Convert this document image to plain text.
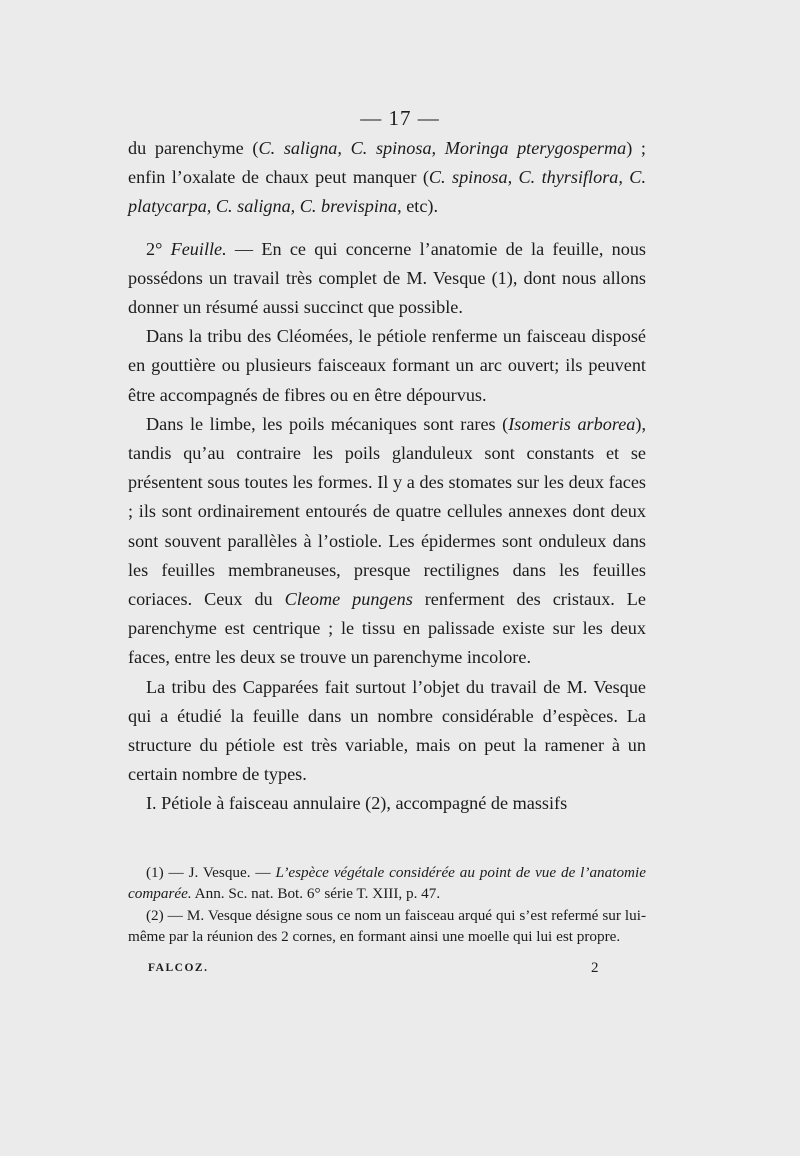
— 17 —

du parenchyme (C. saligna, C. spinosa, Moringa pterygosperma) ; enfin l’oxalate de chaux peut manquer (C. spinosa, C. thyrsiflora, C. platycarpa, C. saligna, C. brevispina, etc).

2° Feuille. — En ce qui concerne l’anatomie de la feuille, nous possédons un travail très complet de M. Vesque (1), dont nous allons donner un résumé aussi succinct que possible.

Dans la tribu des Cléomées, le pétiole renferme un faisceau disposé en gouttière ou plusieurs faisceaux formant un arc ouvert; ils peuvent être accompagnés de fibres ou en être dépourvus.

Dans le limbe, les poils mécaniques sont rares (Isomeris arborea), tandis qu’au contraire les poils glanduleux sont constants et se présentent sous toutes les formes. Il y a des stomates sur les deux faces ; ils sont ordinairement entourés de quatre cellules annexes dont deux sont souvent parallèles à l’ostiole. Les épidermes sont onduleux dans les feuilles membraneuses, presque rectilignes dans les feuilles coriaces. Ceux du Cleome pungens renferment des cristaux. Le parenchyme est centrique ; le tissu en palissade existe sur les deux faces, entre les deux se trouve un parenchyme incolore.

La tribu des Capparées fait surtout l’objet du travail de M. Vesque qui a étudié la feuille dans un nombre considérable d’espèces. La structure du pétiole est très variable, mais on peut la ramener à un certain nombre de types.

I. Pétiole à faisceau annulaire (2), accompagné de massifs

(1) — J. Vesque. — L’espèce végétale considérée au point de vue de l’anatomie comparée. Ann. Sc. nat. Bot. 6° série T. XIII, p. 47.

(2) — M. Vesque désigne sous ce nom un faisceau arqué qui s’est refermé sur lui-même par la réunion des 2 cornes, en formant ainsi une moelle qui lui est propre.

FALCOZ.	2
